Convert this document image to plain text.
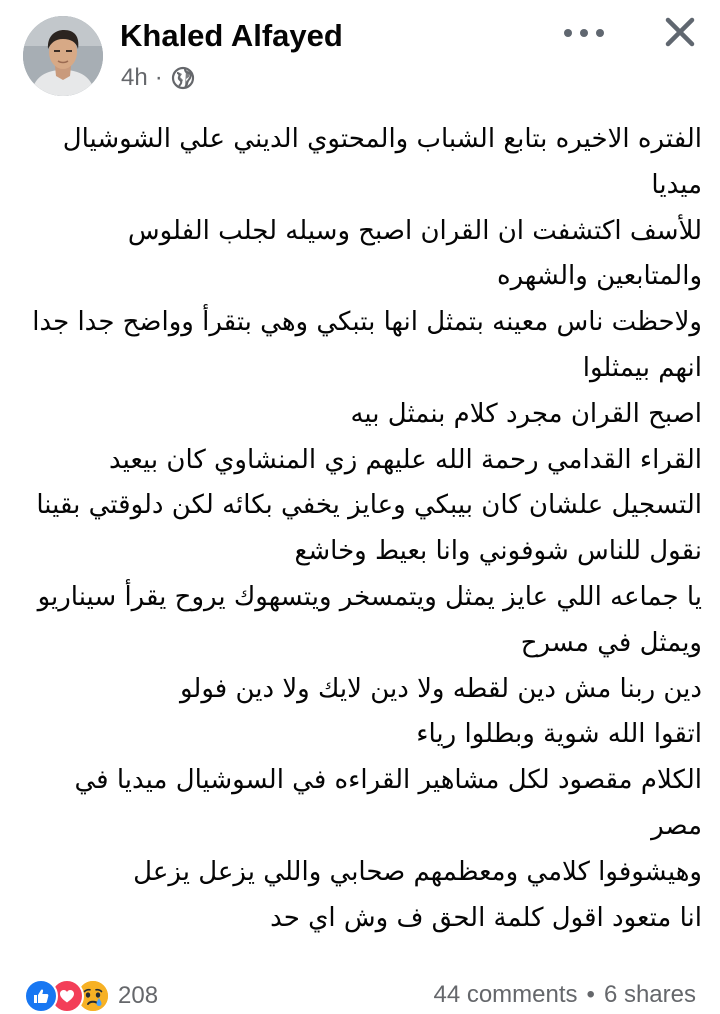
Khaled Alfayed
4h ·
الفتره الاخيره بتابع الشباب والمحتوي الديني علي الشوشيال ميديا
للأسف اكتشفت ان القران اصبح وسيله لجلب الفلوس والمتابعين والشهره
ولاحظت ناس معينه بتمثل انها بتبكي وهي بتقرأ وواضح جدا جدا انهم بيمثلوا
اصبح القران مجرد كلام بنمثل بيه
القراء القدامي رحمة الله عليهم زي المنشاوي كان بيعيد التسجيل علشان كان بيبكي وعايز يخفي بكائه لكن دلوقتي بقينا نقول للناس شوفوني وانا بعيط وخاشع
يا جماعه اللي عايز يمثل ويتمسخر ويتسهوك يروح يقرأ سيناريو ويمثل في مسرح
دين ربنا مش دين لقطه ولا دين لايك ولا دين فولو
اتقوا الله شوية وبطلوا رياء
الكلام مقصود لكل مشاهير القراءه في السوشيال ميديا في مصر
وهيشوفوا كلامي ومعظمهم صحابي واللي يزعل يزعل
انا متعود اقول كلمة الحق ف وش اي حد
208	44 comments • 6 shares
